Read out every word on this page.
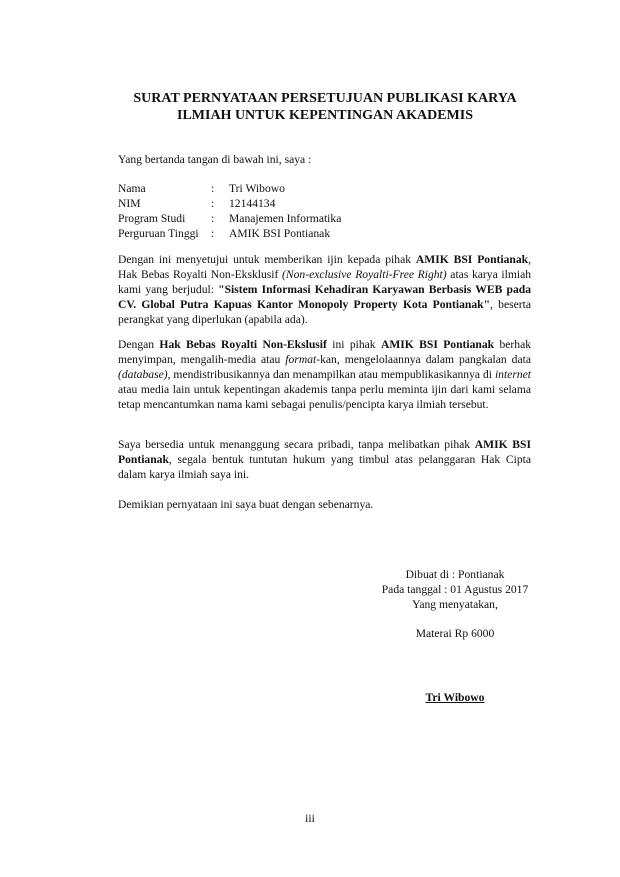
SURAT PERNYATAAN PERSETUJUAN PUBLIKASI KARYA
ILMIAH UNTUK KEPENTINGAN AKADEMIS
Yang bertanda tangan di bawah ini, saya :
Nama	:	Tri Wibowo
NIM	:	12144134
Program Studi	:	Manajemen Informatika
Perguruan Tinggi	:	AMIK BSI Pontianak
Dengan ini menyetujui untuk memberikan ijin kepada pihak AMIK BSI Pontianak, Hak Bebas Royalti Non-Eksklusif (Non-exclusive Royalti-Free Right) atas karya ilmiah kami yang berjudul: "Sistem Informasi Kehadiran Karyawan Berbasis WEB pada CV. Global Putra Kapuas Kantor Monopoly Property Kota Pontianak", beserta perangkat yang diperlukan (apabila ada).
Dengan Hak Bebas Royalti Non-Ekslusif ini pihak AMIK BSI Pontianak berhak menyimpan, mengalih-media atau format-kan, mengelolaannya dalam pangkalan data (database), mendistribusikannya dan menampilkan atau mempublikasikannya di internet atau media lain untuk kepentingan akademis tanpa perlu meminta ijin dari kami selama tetap mencantumkan nama kami sebagai penulis/pencipta karya ilmiah tersebut.
Saya bersedia untuk menanggung secara pribadi, tanpa melibatkan pihak AMIK BSI Pontianak, segala bentuk tuntutan hukum yang timbul atas pelanggaran Hak Cipta dalam karya ilmiah saya ini.
Demikian pernyataan ini saya buat dengan sebenarnya.
Dibuat di : Pontianak
Pada tanggal : 01 Agustus 2017
Yang menyatakan,
Materai Rp 6000
Tri Wibowo
iii
